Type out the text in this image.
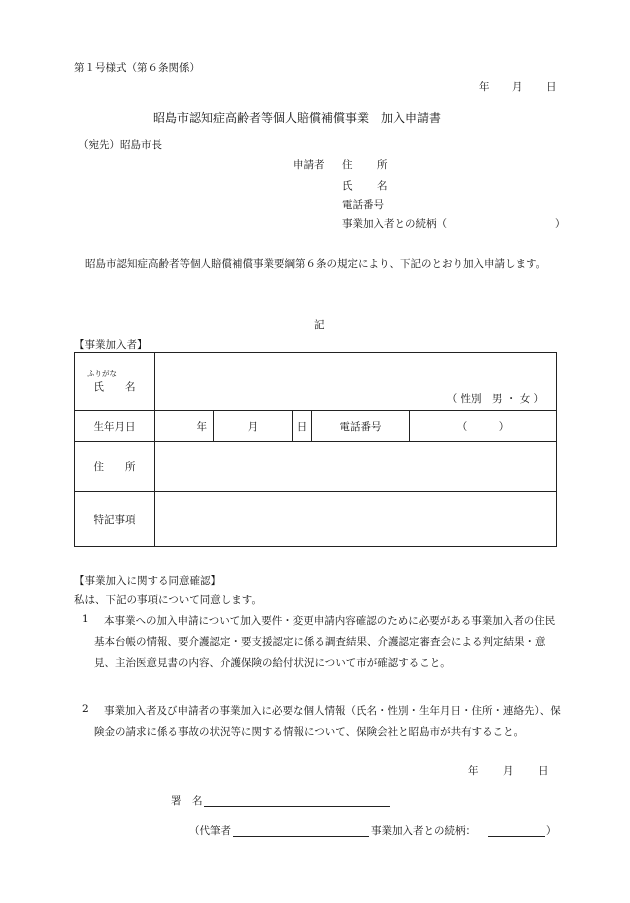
第１号様式（第６条関係）
年 月 日
昭島市認知症高齢者等個人賠償補償事業　加入申請書
（宛先）昭島市長
申請者 住 所
氏 名
電話番号
事業加入者との続柄（	）
昭島市認知症高齢者等個人賠償補償事業要綱第６条の規定により、下記のとおり加入申請します。
記
【事業加入者】
ふりがな
氏　　名	（ 性別　男 ・ 女 ）				

生年月日	年	月	日	電話番号	（　　　）
住　　所					
特記事項					
【事業加入に関する同意確認】
私は、下記の事項について同意します。
1	本事業への加入申請について加入要件・変更申請内容確認のために必要がある事業加入者の住民基本台帳の情報、要介護認定・要支援認定に係る調査結果、介護認定審査会による判定結果・意見、主治医意見書の内容、介護保険の給付状況について市が確認すること。
2	事業加入者及び申請者の事業加入に必要な個人情報（氏名・性別・生年月日・住所・連絡先）、保険金の請求に係る事故の状況等に関する情報について、保険会社と昭島市が共有すること。
年 月 日
署　名
（代筆者	事業加入者との続柄：	）
